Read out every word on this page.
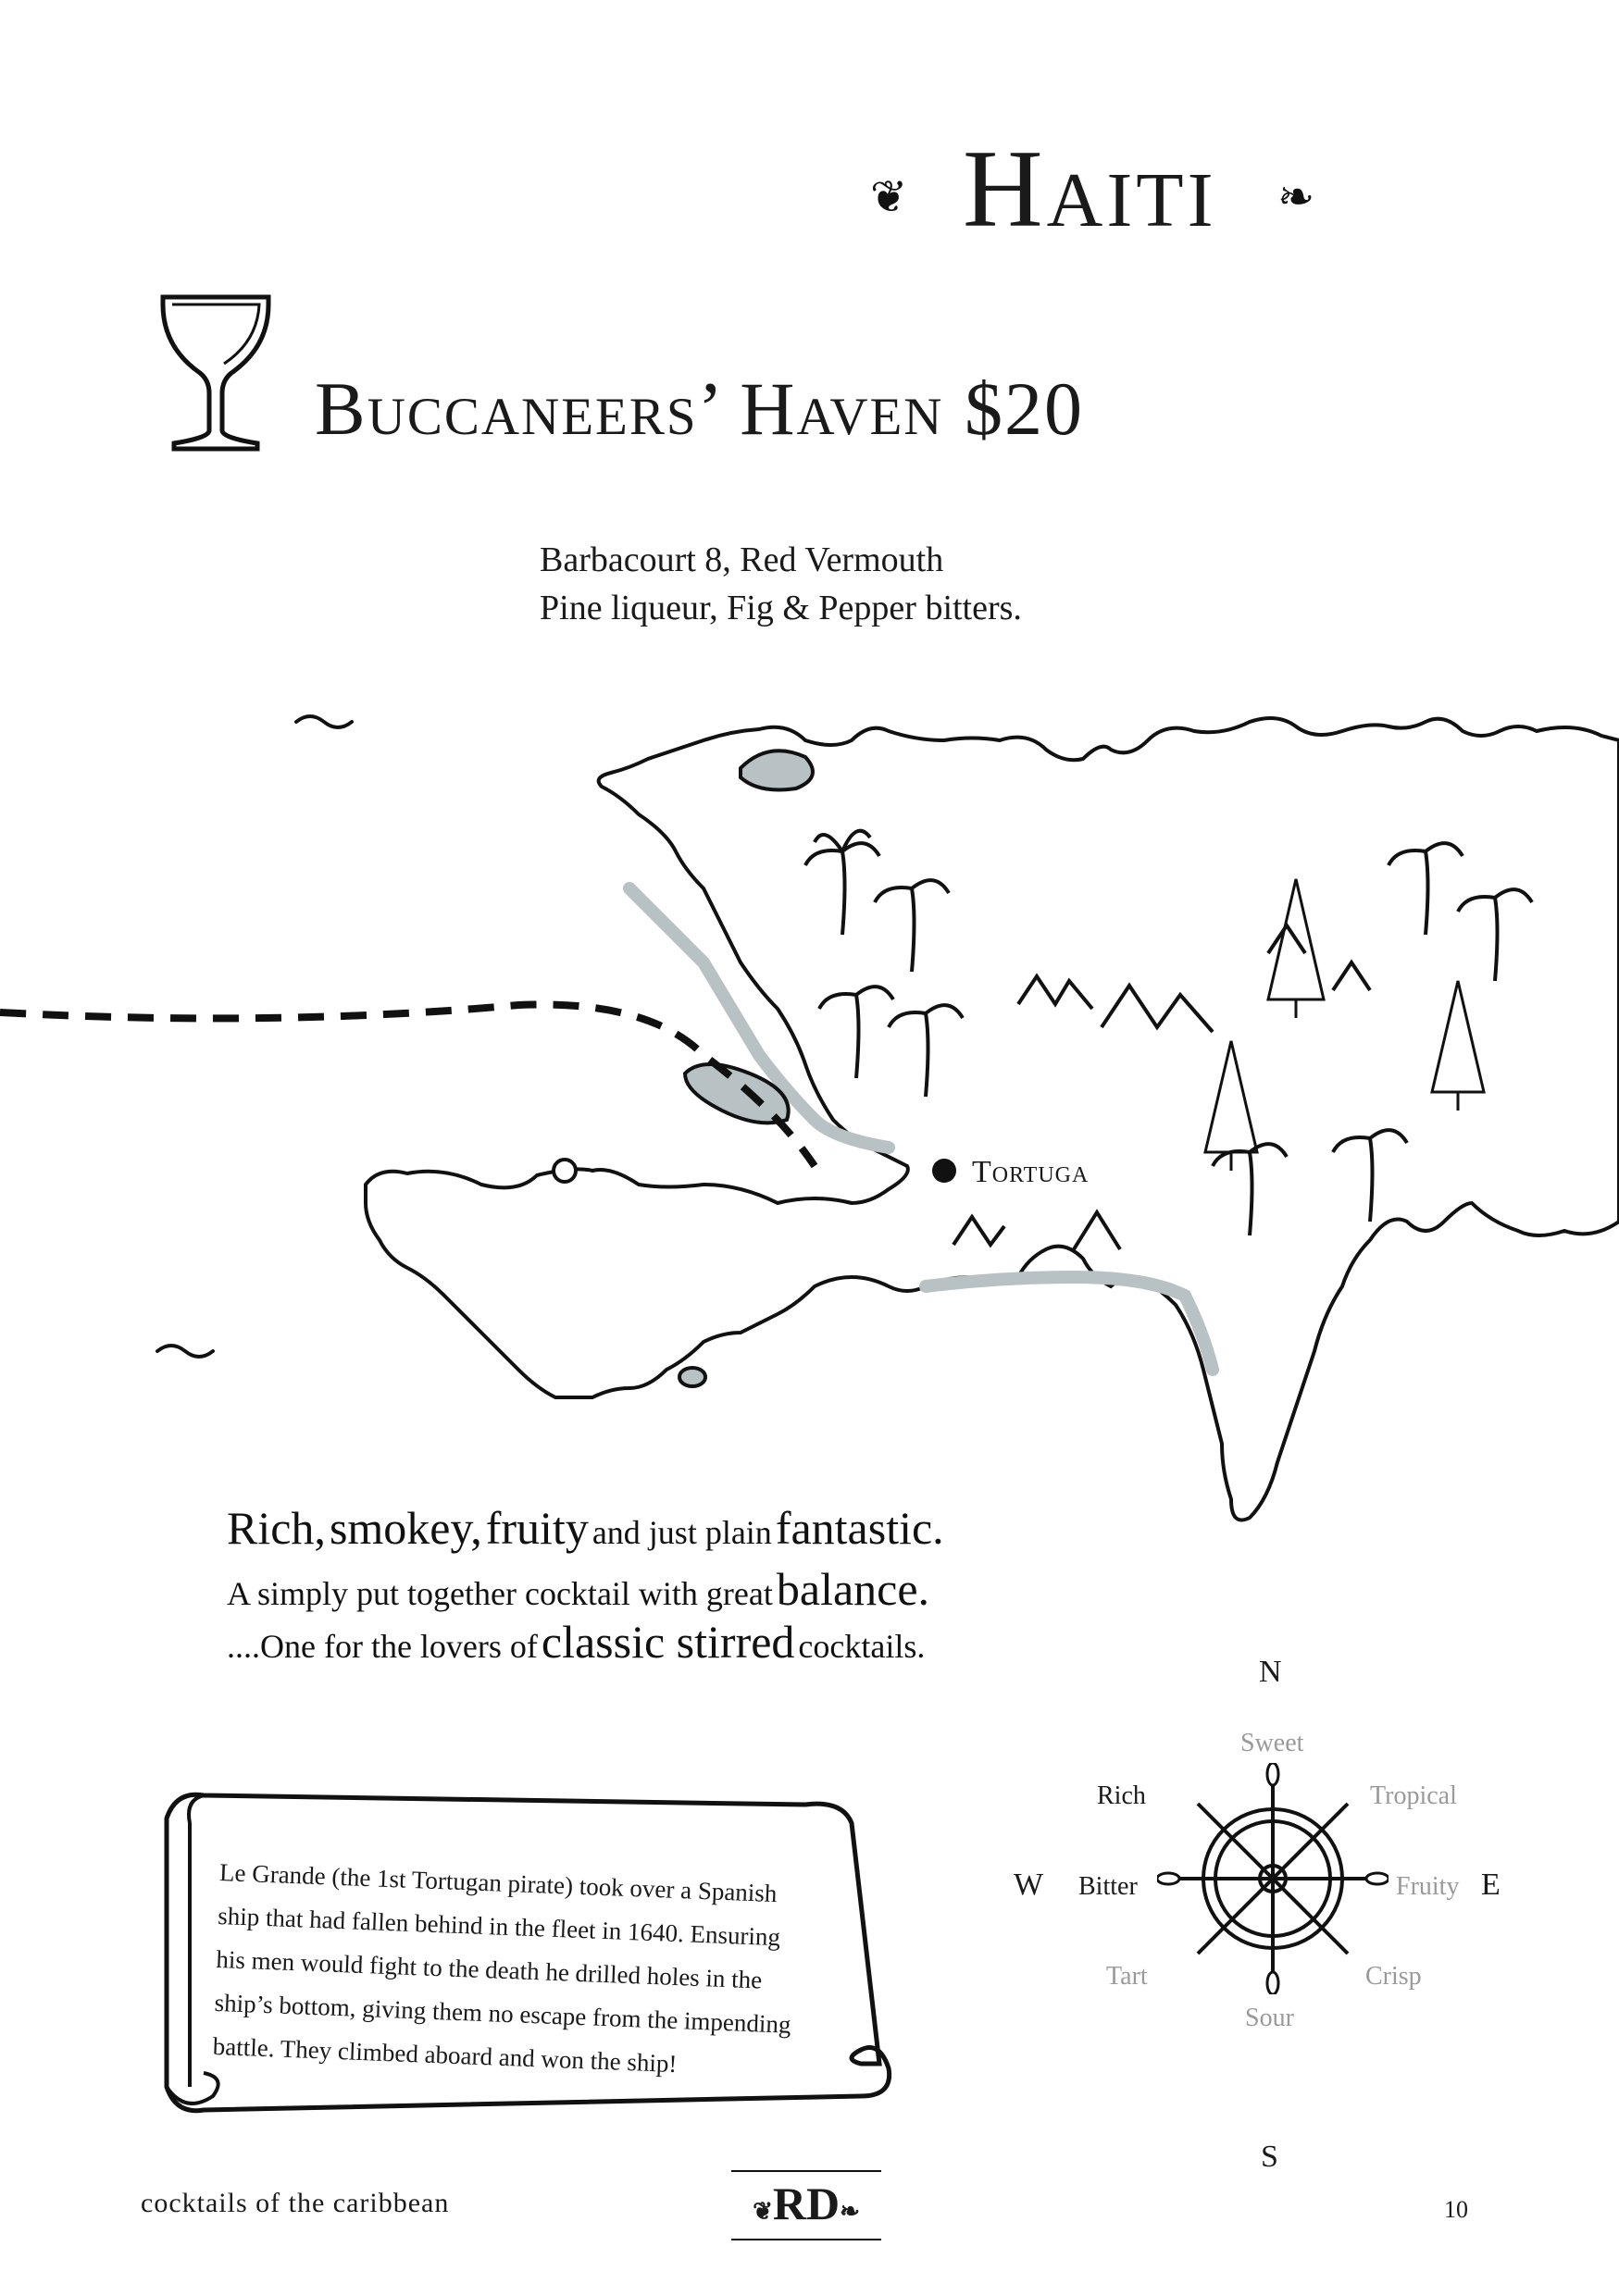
❦ Haiti ❧
Buccaneers’ Haven $20
Barbacourt 8, Red Vermouth
Pine liqueur, Fig & Pepper bitters.
Tortuga
Rich, smokey, fruity and just plain fantastic.
A simply put together cocktail with great balance.
....One for the lovers of classic stirred cocktails.
Le Grande (the 1st Tortugan pirate) took over a Spanish
ship that had fallen behind in the fleet in 1640. Ensuring
his men would fight to the death he drilled holes in the
ship’s bottom, giving them no escape from the impending
battle. They climbed aboard and won the ship!
N
S
W	E
Sweet
Tropical
Fruity
Crisp
Sour
Tart
Bitter
Rich
cocktails of the caribbean	❦RD❧	10
